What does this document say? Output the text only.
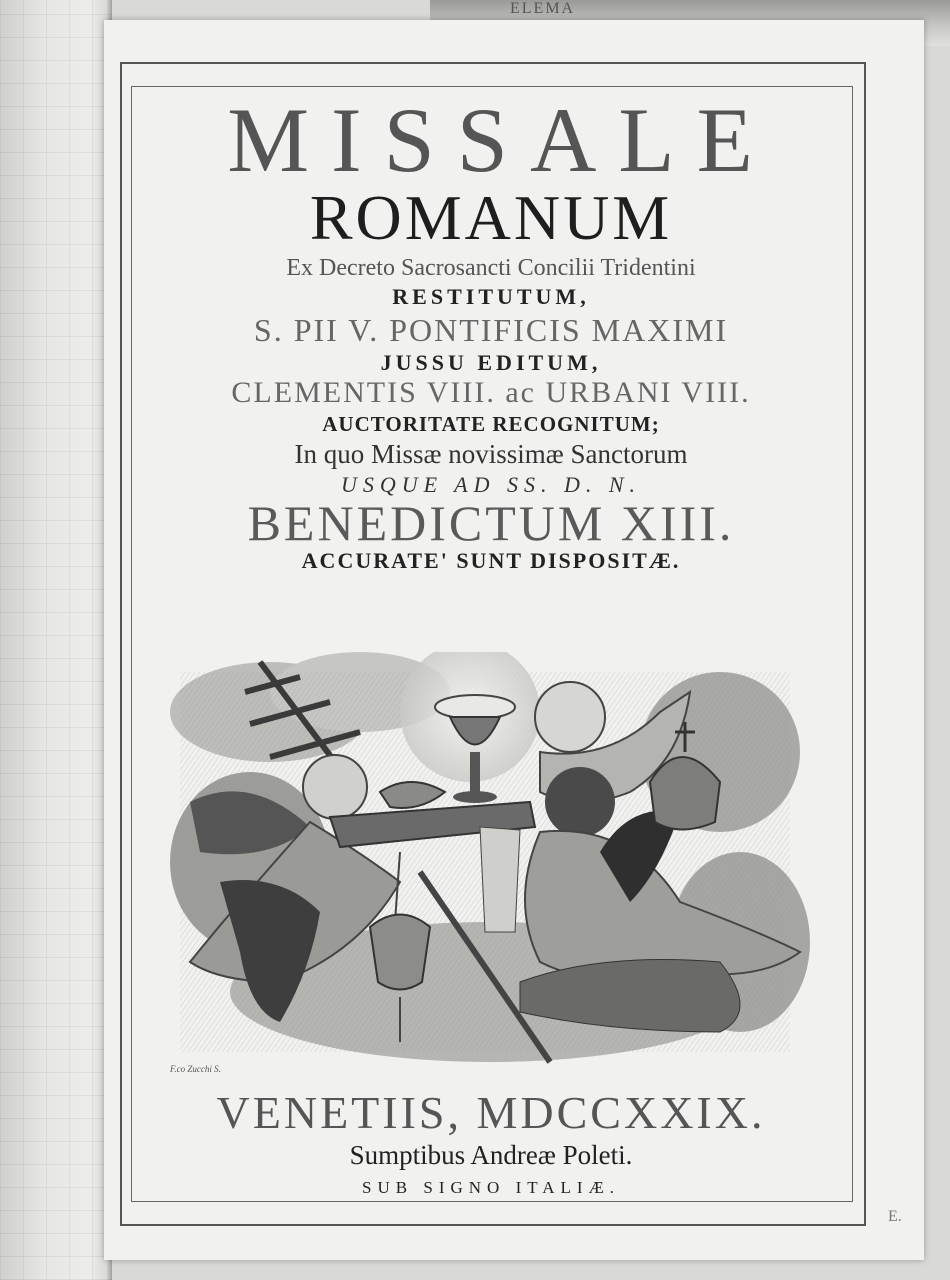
ELEMA
MISSALE
ROMANUM
Ex Decreto Sacrosancti Concilii Tridentini
RESTITUTUM,
S. PII V. PONTIFICIS MAXIMI
JUSSU EDITUM,
CLEMENTIS VIII. ac URBANI VIII.
AUCTORITATE RECOGNITUM;
In quo Missæ novissimæ Sanctorum
USQUE AD SS. D. N.
BENEDICTUM XIII.
ACCURATE' SUNT DISPOSITÆ.
F.co Zucchi S.
VENETIIS, MDCCXXIX.
Sumptibus Andreæ Poleti.
SUB SIGNO ITALIÆ.
E.
